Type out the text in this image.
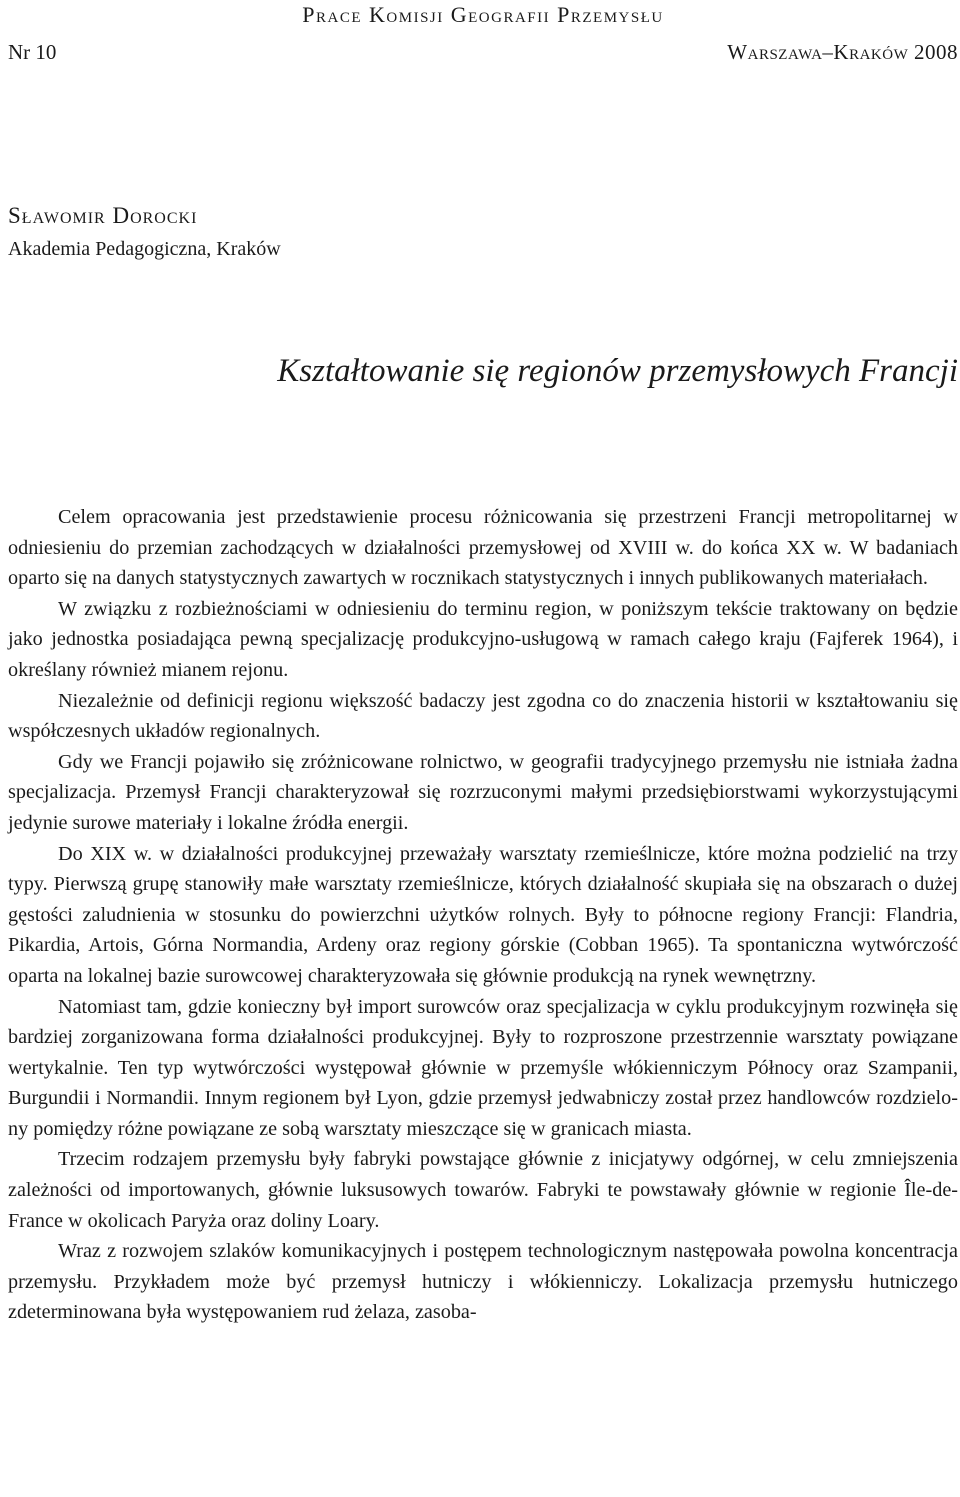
Prace Komisji Geografii Przemysłu
Nr 10	Warszawa–Kraków 2008
Sławomir Dorocki
Akademia Pedagogiczna, Kraków
Kształtowanie się regionów przemysłowych Francji

Celem opracowania jest przedstawienie procesu różnicowania się przestrzeni Francji metropolitarnej w odniesieniu do przemian zachodzących w działalności przemysłowej od XVIII w. do końca XX w. W badaniach oparto się na danych statystycznych zawartych w rocznikach statystycznych i innych publikowanych materiałach.

W związku z rozbieżnościami w odniesieniu do terminu region, w poniższym tekście traktowany on będzie jako jednostka posiadająca pewną specjalizację produkcyjno-usługową w ramach całego kraju (Fajferek 1964), i określany również mianem rejonu.

Niezależnie od definicji regionu większość badaczy jest zgodna co do znaczenia historii w kształtowaniu się współczesnych układów regionalnych.

Gdy we Francji pojawiło się zróżnicowane rolnictwo, w geografii tradycyjnego przemysłu nie istniała żadna specjalizacja. Przemysł Francji charakteryzował się rozrzuconymi małymi przedsiębiorstwami wykorzystującymi jedynie surowe materiały i lokalne źródła energii.

Do XIX w. w działalności produkcyjnej przeważały warsztaty rzemieślnicze, które można podzielić na trzy typy. Pierwszą grupę stanowiły małe warsztaty rzemieślnicze, których działalność skupiała się na obszarach o dużej gęstości zaludnienia w stosunku do powierzchni użytków rolnych. Były to północne regiony Francji: Flandria, Pikardia, Artois, Górna Normandia, Ardeny oraz regiony górskie (Cobban 1965). Ta spontaniczna wytwórczość oparta na lokalnej bazie surowcowej charakteryzowała się głównie produkcją na rynek wewnętrzny.

Natomiast tam, gdzie konieczny był import surowców oraz specjalizacja w cyklu produkcyjnym rozwinęła się bardziej zorganizowana forma działalności produkcyjnej. Były to rozproszone przestrzennie warsztaty powiązane wertykalnie. Ten typ wytwórczości występował głównie w przemyśle włókienniczym Północy oraz Szampanii, Burgundii i Normandii. Innym regionem był Lyon, gdzie przemysł jedwabniczy został przez handlowców rozdzielony pomiędzy różne powiązane ze sobą warsztaty mieszczące się w granicach miasta.

Trzecim rodzajem przemysłu były fabryki powstające głównie z inicjatywy odgórnej, w celu zmniejszenia zależności od importowanych, głównie luksusowych towarów. Fabryki te powstawały głównie w regionie Île-de-France w okolicach Paryża oraz doliny Loary.

Wraz z rozwojem szlaków komunikacyjnych i postępem technologicznym następowała powolna koncentracja przemysłu. Przykładem może być przemysł hutniczy i włókienniczy. Lokalizacja przemysłu hutniczego zdeterminowana była występowaniem rud żelaza, zasoba-
